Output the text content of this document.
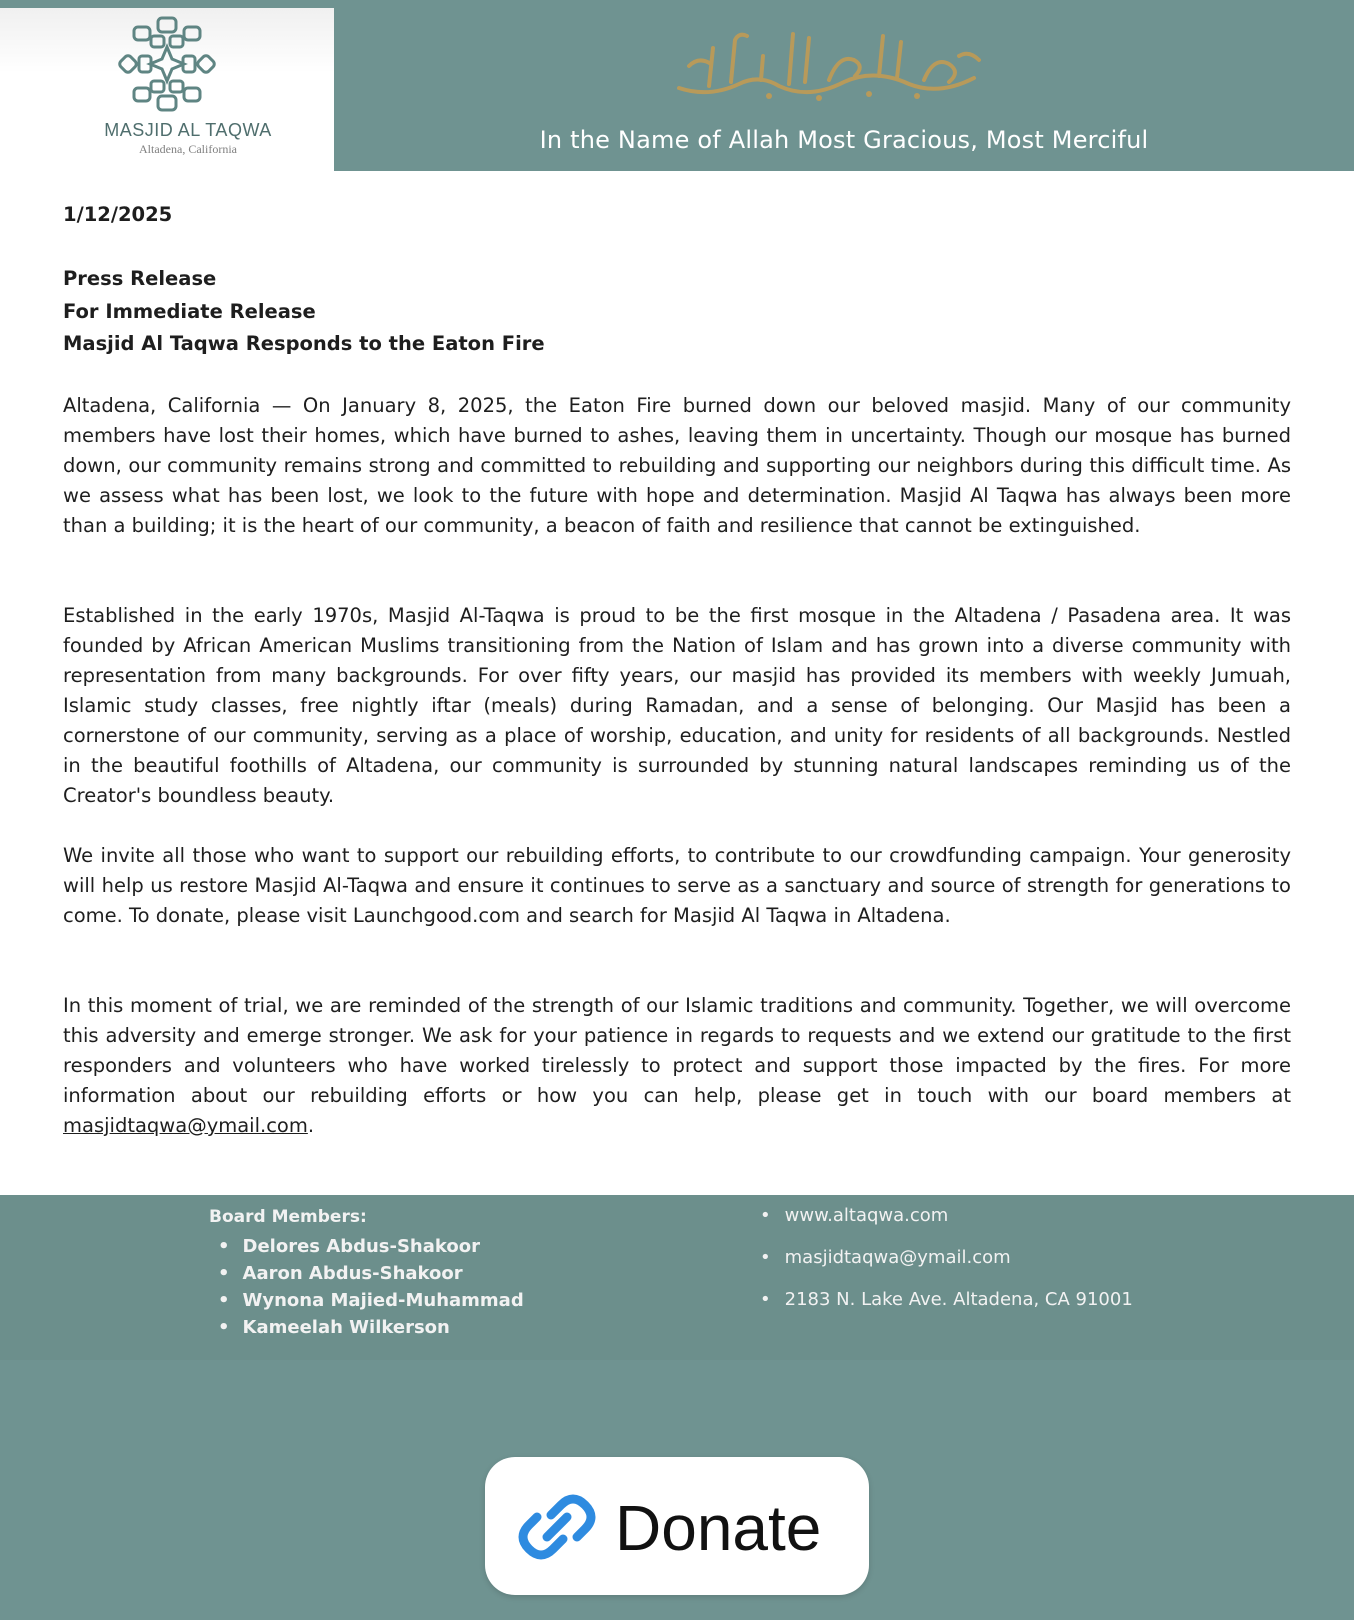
MASJID AL TAQWA
Altadena, California	In the Name of Allah Most Gracious, Most Merciful
1/12/2025
Press Release
For Immediate Release
Masjid Al Taqwa Responds to the Eaton Fire
Altadena, California — On January 8, 2025, the Eaton Fire burned down our beloved masjid. Many of our community members have lost their homes, which have burned to ashes, leaving them in uncertainty. Though our mosque has burned down, our community remains strong and committed to rebuilding and supporting our neighbors during this difficult time. As we assess what has been lost, we look to the future with hope and determination. Masjid Al Taqwa has always been more than a building; it is the heart of our community, a beacon of faith and resilience that cannot be extinguished.
Established in the early 1970s, Masjid Al-Taqwa is proud to be the first mosque in the Altadena / Pasadena area. It was founded by African American Muslims transitioning from the Nation of Islam and has grown into a diverse community with representation from many backgrounds. For over fifty years, our masjid has provided its members with weekly Jumuah, Islamic study classes, free nightly iftar (meals) during Ramadan, and a sense of belonging. Our Masjid has been a cornerstone of our community, serving as a place of worship, education, and unity for residents of all backgrounds. Nestled in the beautiful foothills of Altadena, our community is surrounded by stunning natural landscapes reminding us of the Creator's boundless beauty.
We invite all those who want to support our rebuilding efforts, to contribute to our crowdfunding campaign. Your generosity will help us restore Masjid Al-Taqwa and ensure it continues to serve as a sanctuary and source of strength for generations to come. To donate, please visit Launchgood.com and search for Masjid Al Taqwa in Altadena.
In this moment of trial, we are reminded of the strength of our Islamic traditions and community. Together, we will overcome this adversity and emerge stronger. We ask for your patience in regards to requests and we extend our gratitude to the first responders and volunteers who have worked tirelessly to protect and support those impacted by the fires. For more information about our rebuilding efforts or how you can help, please get in touch with our board members at masjidtaqwa@ymail.com.
Board Members:
• Delores Abdus-Shakoor
• Aaron Abdus-Shakoor
• Wynona Majied-Muhammad
• Kameelah Wilkerson
• www.altaqwa.com
• masjidtaqwa@ymail.com
• 2183 N. Lake Ave. Altadena, CA 91001
Donate
